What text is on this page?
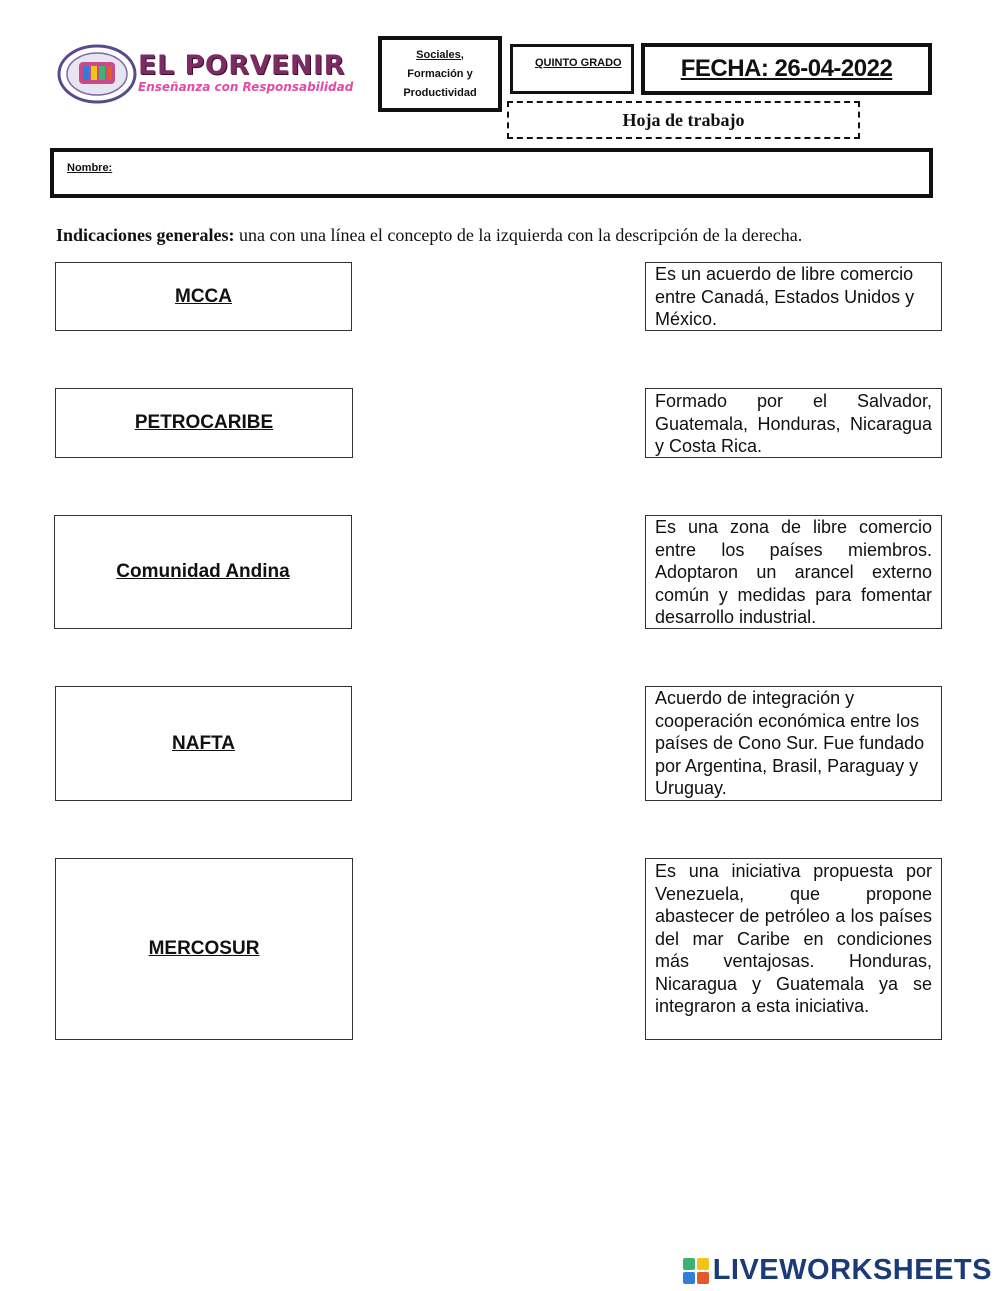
EL PORVENIR
Enseñanza con Responsabilidad
Sociales,
Formación y
Productividad
QUINTO GRADO	FECHA: 26-04-2022
Hoja de trabajo
Nombre:
Indicaciones generales: una con una línea el concepto de la izquierda con la descripción de la derecha.
MCCA
PETROCARIBE
Comunidad Andina
NAFTA
MERCOSUR
Es un acuerdo de libre comercio entre Canadá, Estados Unidos y México.
Formado por el Salvador, Guatemala, Honduras, Nicaragua y Costa Rica.
Es una zona de libre comercio entre los países miembros. Adoptaron un arancel externo común y medidas para fomentar desarrollo industrial.
Acuerdo de integración y cooperación económica entre los países de Cono Sur. Fue fundado por Argentina, Brasil, Paraguay y Uruguay.
Es una iniciativa propuesta por Venezuela, que propone abastecer de petróleo a los países del mar Caribe en condiciones más ventajosas. Honduras, Nicaragua y Guatemala ya se integraron a esta iniciativa.
LIVEWORKSHEETS
